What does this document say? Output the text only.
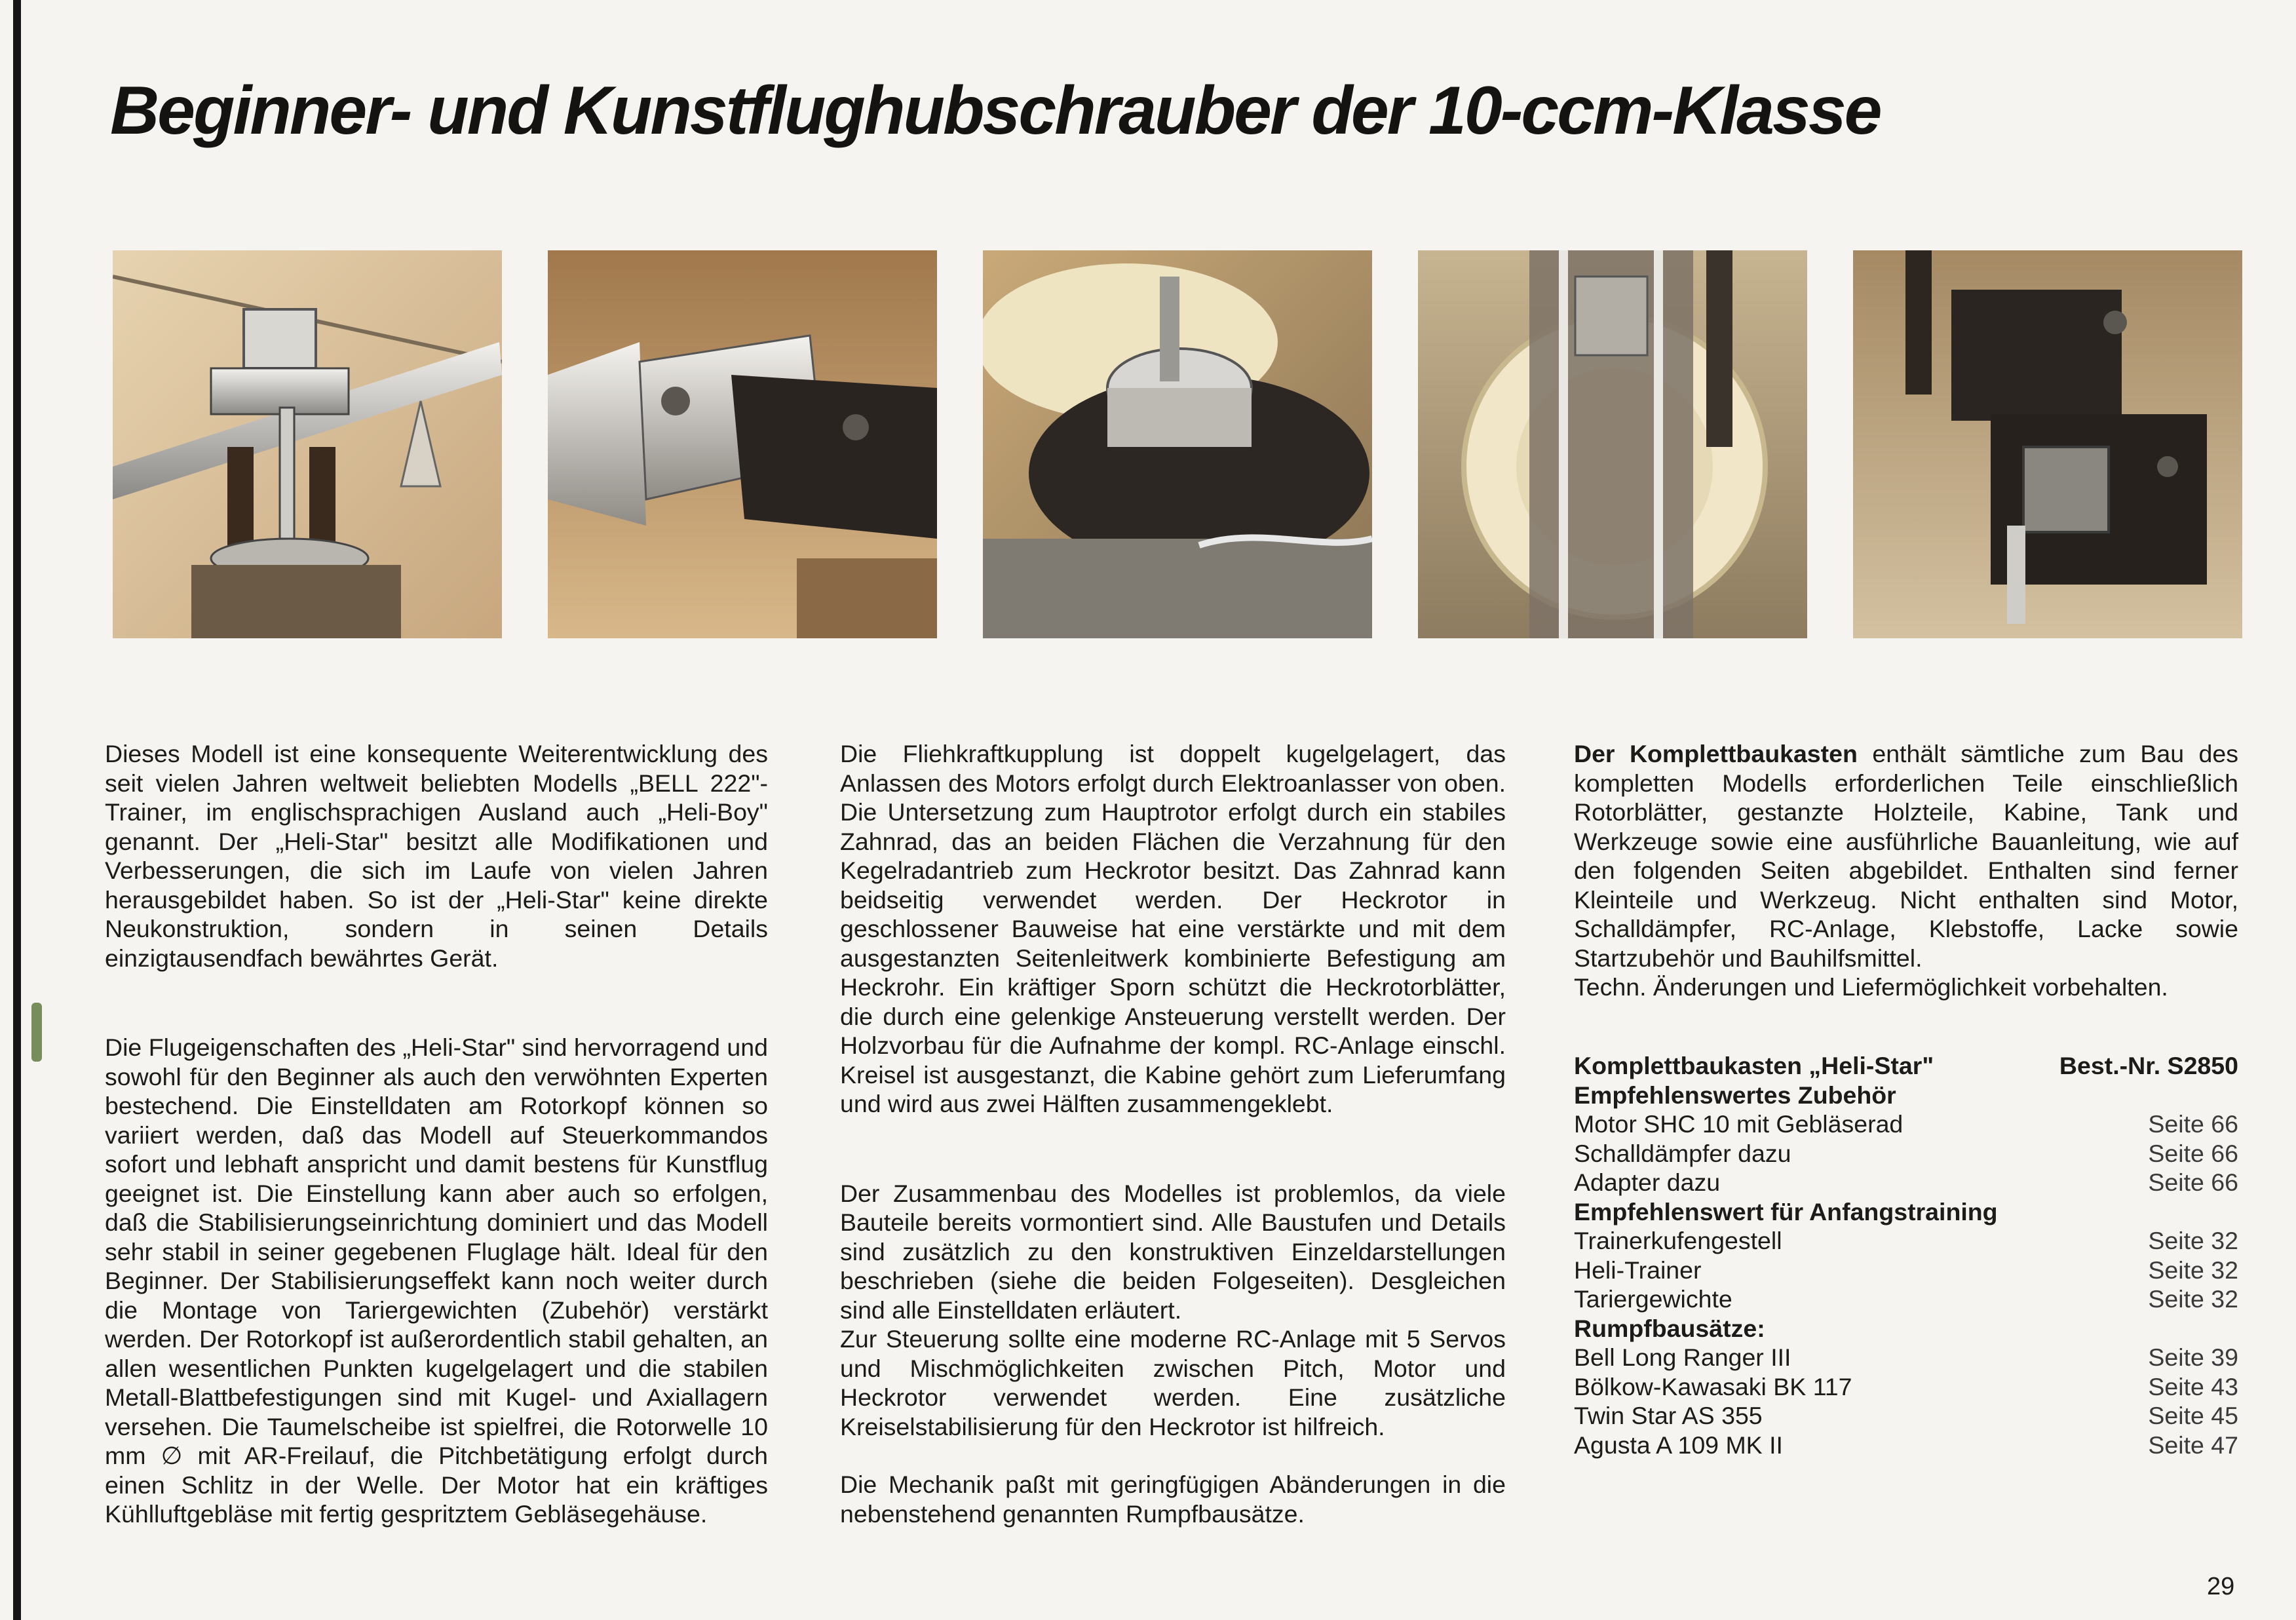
Beginner- und Kunstflughubschrauber der 10-ccm-Klasse

Dieses Modell ist eine konsequente Weiterentwicklung des seit vielen Jahren weltweit beliebten Modells „BELL 222"-Trainer, im englischsprachigen Ausland auch „Heli-Boy" genannt. Der „Heli-Star" besitzt alle Modifikationen und Verbesserungen, die sich im Laufe von vielen Jahren herausgebildet haben. So ist der „Heli-Star" keine direkte Neukonstruktion, sondern in seinen Details einzigtausendfach bewährtes Gerät.

Die Flugeigenschaften des „Heli-Star" sind hervorragend und sowohl für den Beginner als auch den verwöhnten Experten bestechend. Die Einstelldaten am Rotorkopf können so variiert werden, daß das Modell auf Steuerkommandos sofort und lebhaft anspricht und damit bestens für Kunstflug geeignet ist. Die Einstellung kann aber auch so erfolgen, daß die Stabilisierungseinrichtung dominiert und das Modell sehr stabil in seiner gegebenen Fluglage hält. Ideal für den Beginner. Der Stabilisierungseffekt kann noch weiter durch die Montage von Tariergewichten (Zubehör) verstärkt werden. Der Rotorkopf ist außerordentlich stabil gehalten, an allen wesentlichen Punkten kugelgelagert und die stabilen Metall-Blattbefestigungen sind mit Kugel- und Axiallagern versehen. Die Taumelscheibe ist spielfrei, die Rotorwelle 10 mm ∅ mit AR-Freilauf, die Pitchbetätigung erfolgt durch einen Schlitz in der Welle. Der Motor hat ein kräftiges Kühlluftgebläse mit fertig gespritztem Gebläsegehäuse.

Die Fliehkraftkupplung ist doppelt kugelgelagert, das Anlassen des Motors erfolgt durch Elektroanlasser von oben. Die Untersetzung zum Hauptrotor erfolgt durch ein stabiles Zahnrad, das an beiden Flächen die Verzahnung für den Kegelradantrieb zum Heckrotor besitzt. Das Zahnrad kann beidseitig verwendet werden. Der Heckrotor in geschlossener Bauweise hat eine verstärkte und mit dem ausgestanzten Seitenleitwerk kombinierte Befestigung am Heckrohr. Ein kräftiger Sporn schützt die Heckrotorblätter, die durch eine gelenkige Ansteuerung verstellt werden. Der Holzvorbau für die Aufnahme der kompl. RC-Anlage einschl. Kreisel ist ausgestanzt, die Kabine gehört zum Lieferumfang und wird aus zwei Hälften zusammengeklebt.

Der Zusammenbau des Modelles ist problemlos, da viele Bauteile bereits vormontiert sind. Alle Baustufen und Details sind zusätzlich zu den konstruktiven Einzeldarstellungen beschrieben (siehe die beiden Folgeseiten). Desgleichen sind alle Einstelldaten erläutert.

Zur Steuerung sollte eine moderne RC-Anlage mit 5 Servos und Mischmöglichkeiten zwischen Pitch, Motor und Heckrotor verwendet werden. Eine zusätzliche Kreiselstabilisierung für den Heckrotor ist hilfreich.

Die Mechanik paßt mit geringfügigen Abänderungen in die nebenstehend genannten Rumpfbausätze.

Der Komplettbaukasten enthält sämtliche zum Bau des kompletten Modells erforderlichen Teile einschließlich Rotorblätter, gestanzte Holzteile, Kabine, Tank und Werkzeuge sowie eine ausführliche Bauanleitung, wie auf den folgenden Seiten abgebildet. Enthalten sind ferner Kleinteile und Werkzeug. Nicht enthalten sind Motor, Schalldämpfer, RC-Anlage, Klebstoffe, Lacke sowie Startzubehör und Bauhilfsmittel.

Techn. Änderungen und Liefermöglichkeit vorbehalten.

Komplettbaukasten „Heli-Star"	Best.-Nr. S2850
Empfehlenswertes Zubehör
Motor SHC 10 mit Gebläserad	Seite 66
Schalldämpfer dazu	Seite 66
Adapter dazu	Seite 66
Empfehlenswert für Anfangstraining
Trainerkufengestell	Seite 32
Heli-Trainer	Seite 32
Tariergewichte	Seite 32
Rumpfbausätze:
Bell Long Ranger III	Seite 39
Bölkow-Kawasaki BK 117	Seite 43
Twin Star AS 355	Seite 45
Agusta A 109 MK II	Seite 47
29
